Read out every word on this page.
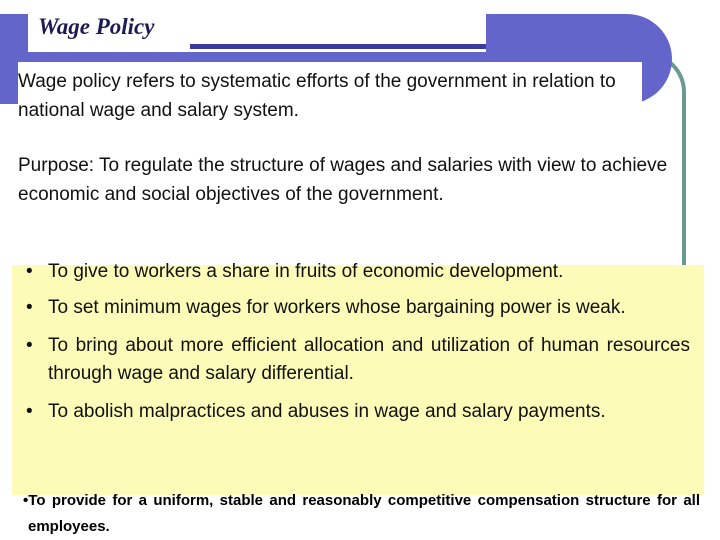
Wage Policy

Wage policy refers to systematic efforts of the government in relation to national wage and salary system.

Purpose: To regulate the structure of wages and salaries with view to achieve economic and social objectives of the government.

• To give to workers a share in fruits of economic development.
• To set minimum wages for workers whose bargaining power is weak.
• To bring about more efficient allocation and utilization of human resources through wage and salary differential.
• To abolish malpractices and abuses in wage and salary payments.

•To provide for a uniform, stable and reasonably competitive compensation structure for all employees.
